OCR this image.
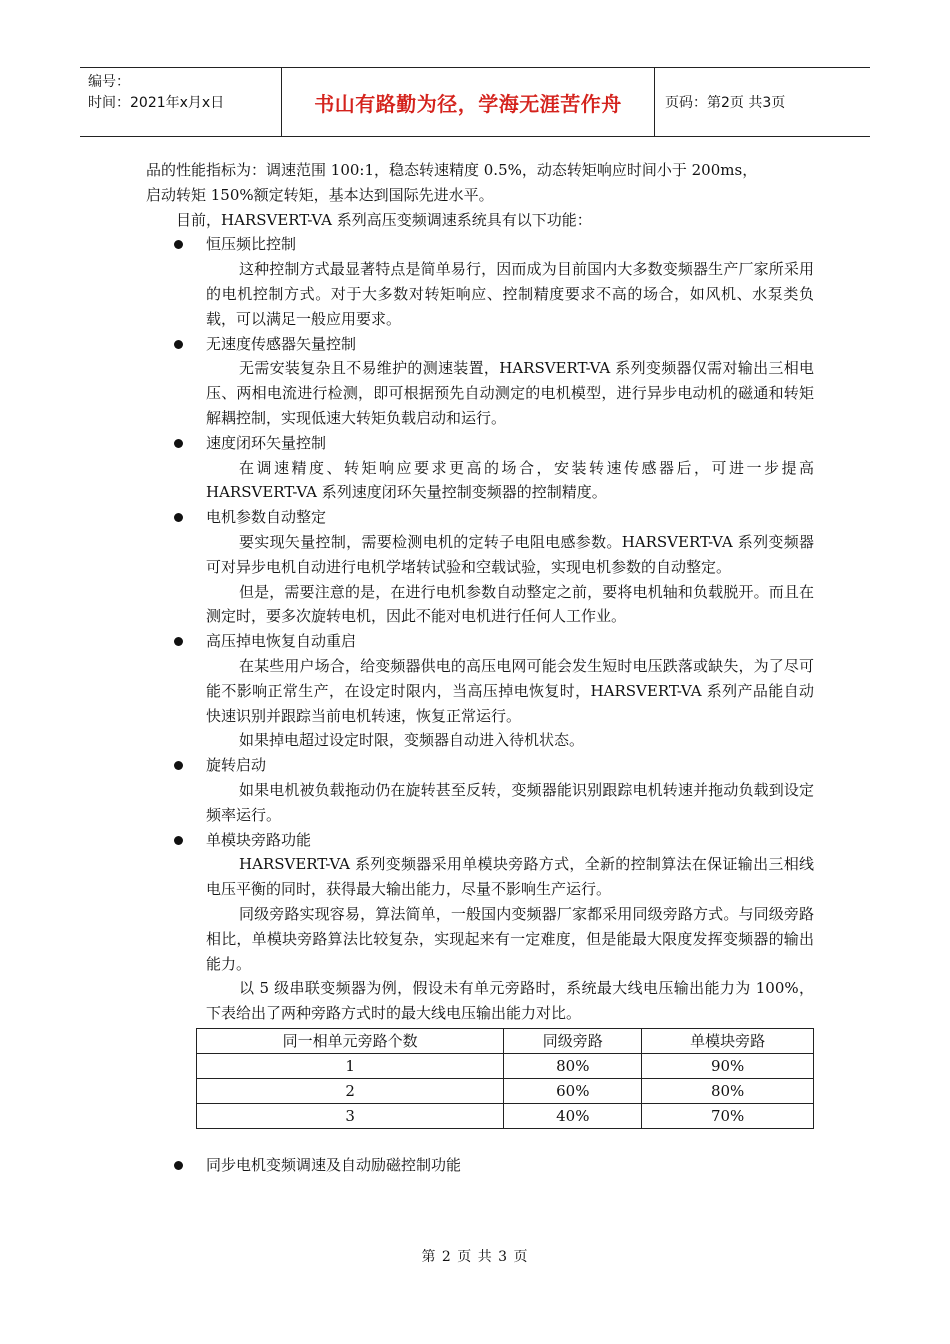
编号：
时间：2021年x月x日	书山有路勤为径，学海无涯苦作舟	页码：第2页 共3页

品的性能指标为：调速范围 100:1，稳态转速精度 0.5%，动态转矩响应时间小于 200ms，

启动转矩 150%额定转矩，基本达到国际先进水平。

目前，HARSVERT-VA 系列高压变频调速系统具有以下功能：

恒压频比控制

这种控制方式最显著特点是简单易行，因而成为目前国内大多数变频器生产厂家所采用的电机控制方式。对于大多数对转矩响应、控制精度要求不高的场合，如风机、水泵类负载，可以满足一般应用要求。

无速度传感器矢量控制

无需安装复杂且不易维护的测速装置，HARSVERT-VA 系列变频器仅需对输出三相电压、两相电流进行检测，即可根据预先自动测定的电机模型，进行异步电动机的磁通和转矩解耦控制，实现低速大转矩负载启动和运行。

速度闭环矢量控制

在调速精度、转矩响应要求更高的场合，安装转速传感器后，可进一步提高 HARSVERT-VA 系列速度闭环矢量控制变频器的控制精度。

电机参数自动整定

要实现矢量控制，需要检测电机的定转子电阻电感参数。HARSVERT-VA 系列变频器可对异步电机自动进行电机学堵转试验和空载试验，实现电机参数的自动整定。

但是，需要注意的是，在进行电机参数自动整定之前，要将电机轴和负载脱开。而且在测定时，要多次旋转电机，因此不能对电机进行任何人工作业。

高压掉电恢复自动重启

在某些用户场合，给变频器供电的高压电网可能会发生短时电压跌落或缺失，为了尽可能不影响正常生产，在设定时限内，当高压掉电恢复时，HARSVERT-VA 系列产品能自动快速识别并跟踪当前电机转速，恢复正常运行。

如果掉电超过设定时限，变频器自动进入待机状态。

旋转启动

如果电机被负载拖动仍在旋转甚至反转，变频器能识别跟踪电机转速并拖动负载到设定频率运行。

单模块旁路功能

HARSVERT-VA 系列变频器采用单模块旁路方式，全新的控制算法在保证输出三相线电压平衡的同时，获得最大输出能力，尽量不影响生产运行。

同级旁路实现容易，算法简单，一般国内变频器厂家都采用同级旁路方式。与同级旁路相比，单模块旁路算法比较复杂，实现起来有一定难度，但是能最大限度发挥变频器的输出能力。

以 5 级串联变频器为例，假设未有单元旁路时，系统最大线电压输出能力为 100%，下表给出了两种旁路方式时的最大线电压输出能力对比。

同一相单元旁路个数	同级旁路	单模块旁路
1	80%	90%
2	60%	80%
3	40%	70%
同步电机变频调速及自动励磁控制功能
第 2 页 共 3 页
